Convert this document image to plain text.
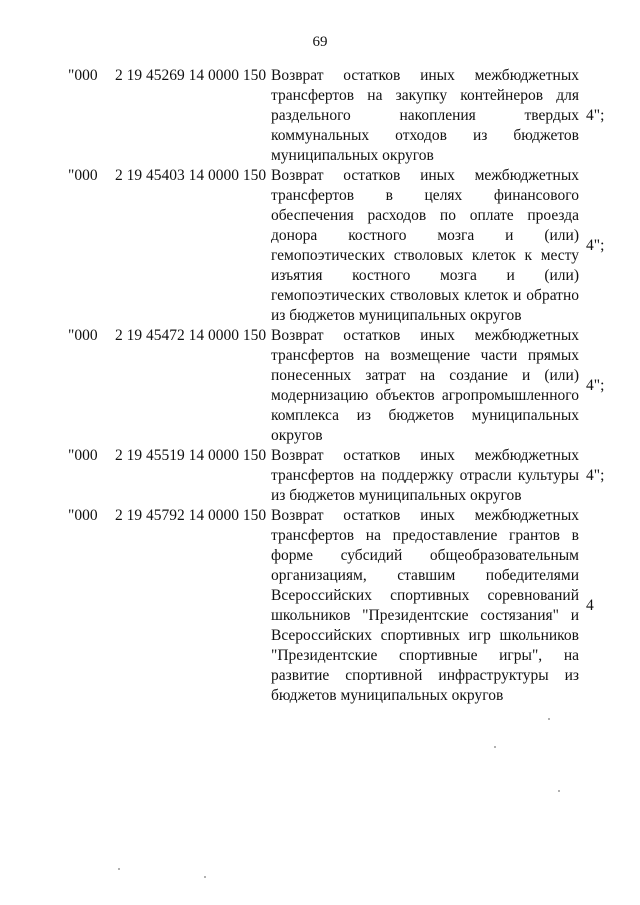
69
"000 2 19 45269 14 0000 150 Возврат остатков иных межбюджетных трансфертов на закупку контейнеров для раздельного накопления твердых коммунальных отходов из бюджетов муниципальных округов
4";
"000 2 19 45403 14 0000 150 Возврат остатков иных межбюджетных трансфертов в целях финансового обеспечения расходов по оплате проезда донора костного мозга и (или) гемопоэтических стволовых клеток к месту изъятия костного мозга и (или) гемопоэтических стволовых клеток и обратно из бюджетов муниципальных округов
4";
"000 2 19 45472 14 0000 150 Возврат остатков иных межбюджетных трансфертов на возмещение части прямых понесенных затрат на создание и (или) модернизацию объектов агропромышленного комплекса из бюджетов муниципальных округов
4";
"000 2 19 45519 14 0000 150 Возврат остатков иных межбюджетных трансфертов на поддержку отрасли культуры из бюджетов муниципальных округов
4";
"000 2 19 45792 14 0000 150 Возврат остатков иных межбюджетных трансфертов на предоставление грантов в форме субсидий общеобразовательным организациям, ставшим победителями Всероссийских спортивных соревнований школьников "Президентские состязания" и Всероссийских спортивных игр школьников "Президентские спортивные игры", на развитие спортивной инфраструктуры из бюджетов муниципальных округов
4
